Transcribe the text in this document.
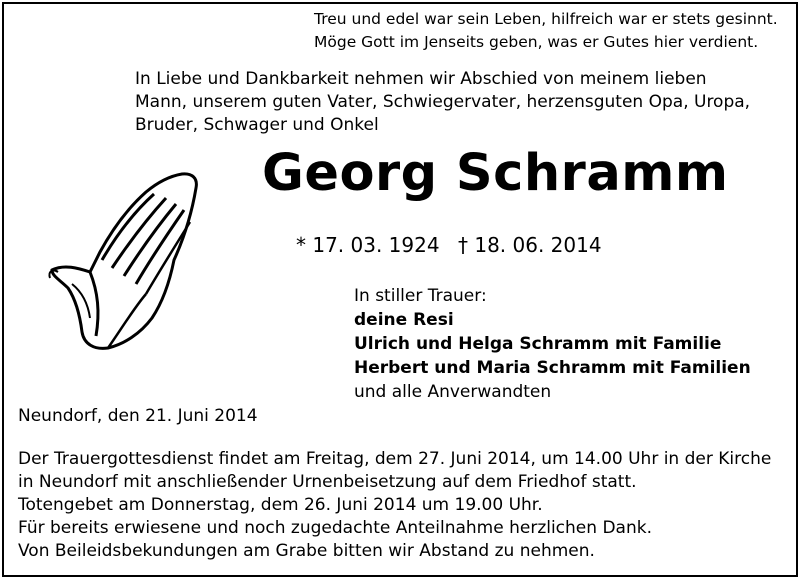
Treu und edel war sein Leben, hilfreich war er stets gesinnt.
Möge Gott im Jenseits geben, was er Gutes hier verdient.
In Liebe und Dankbarkeit nehmen wir Abschied von meinem lieben
Mann, unserem guten Vater, Schwiegervater, herzensguten Opa, Uropa,
Bruder, Schwager und Onkel
Georg Schramm
* 17. 03. 1924 † 18. 06. 2014
In stiller Trauer:
deine Resi
Ulrich und Helga Schramm mit Familie
Herbert und Maria Schramm mit Familien
und alle Anverwandten
Neundorf, den 21. Juni 2014
Der Trauergottesdienst findet am Freitag, dem 27. Juni 2014, um 14.00 Uhr in der Kirche
in Neundorf mit anschließender Urnenbeisetzung auf dem Friedhof statt.
Totengebet am Donnerstag, dem 26. Juni 2014 um 19.00 Uhr.
Für bereits erwiesene und noch zugedachte Anteilnahme herzlichen Dank.
Von Beileidsbekundungen am Grabe bitten wir Abstand zu nehmen.
